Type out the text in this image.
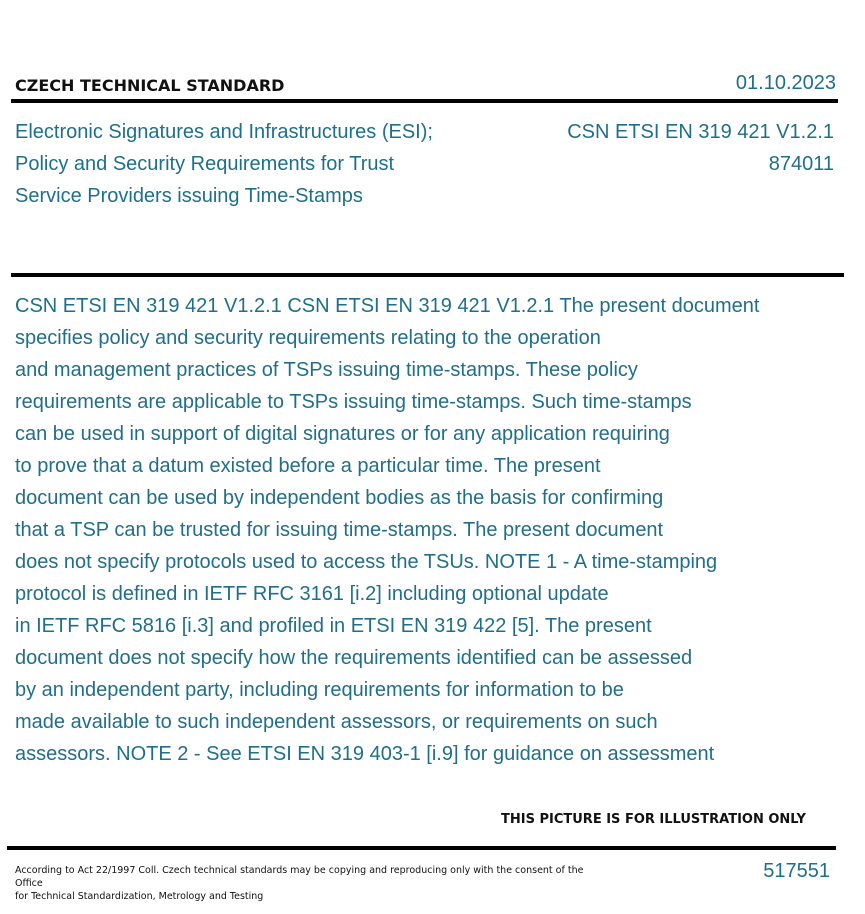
CZECH TECHNICAL STANDARD	01.10.2023
Electronic Signatures and Infrastructures (ESI);
Policy and Security Requirements for Trust
Service Providers issuing Time-Stamps
CSN ETSI EN 319 421 V1.2.1
874011
CSN ETSI EN 319 421 V1.2.1 CSN ETSI EN 319 421 V1.2.1 The present document
specifies policy and security requirements relating to the operation
and management practices of TSPs issuing time-stamps. These policy
requirements are applicable to TSPs issuing time-stamps. Such time-stamps
can be used in support of digital signatures or for any application requiring
to prove that a datum existed before a particular time. The present
document can be used by independent bodies as the basis for confirming
that a TSP can be trusted for issuing time-stamps. The present document
does not specify protocols used to access the TSUs. NOTE 1 - A time-stamping
protocol is defined in IETF RFC 3161 [i.2] including optional update
in IETF RFC 5816 [i.3] and profiled in ETSI EN 319 422 [5]. The present
document does not specify how the requirements identified can be assessed
by an independent party, including requirements for information to be
made available to such independent assessors, or requirements on such
assessors. NOTE 2 - See ETSI EN 319 403-1 [i.9] for guidance on assessment
THIS PICTURE IS FOR ILLUSTRATION ONLY
According to Act 22/1997 Coll. Czech technical standards may be copying and reproducing only with the consent of the Office
for Technical Standardization, Metrology and Testing
517551
